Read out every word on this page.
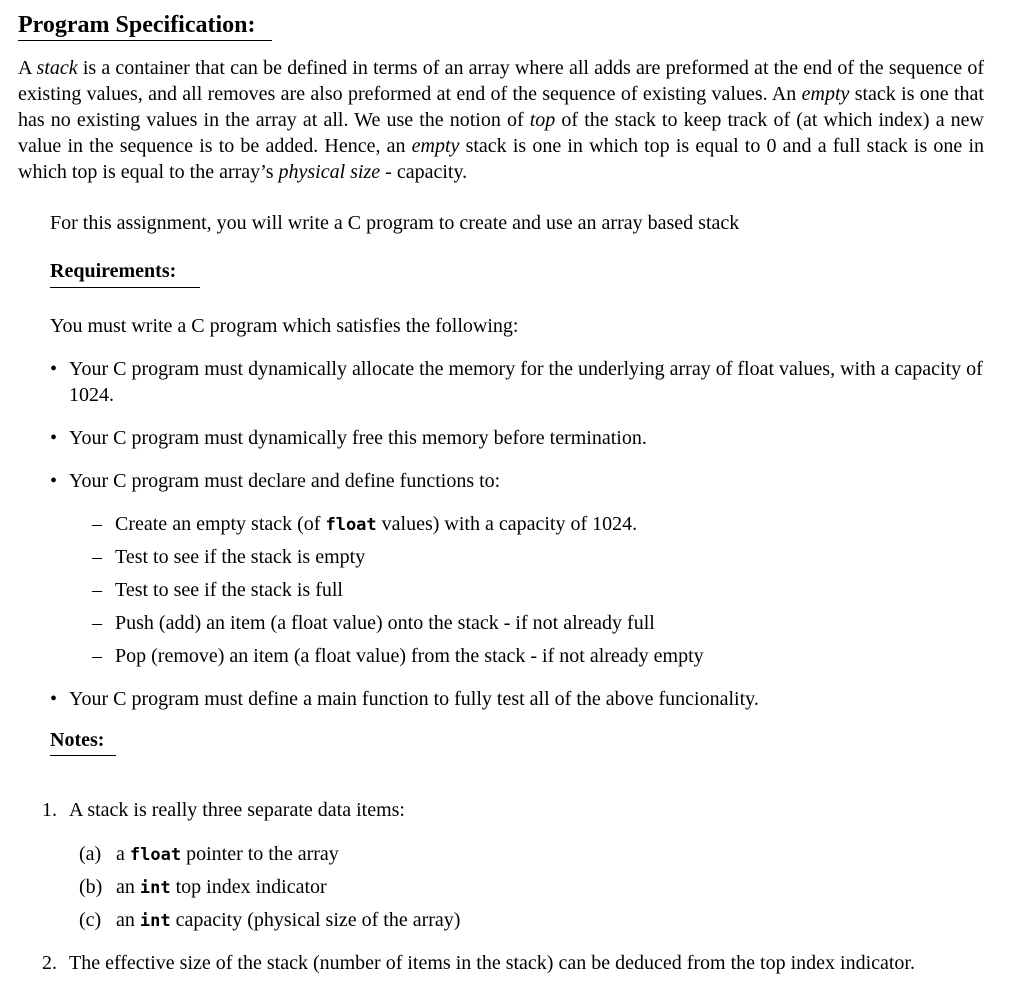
Program Specification:

A stack is a container that can be defined in terms of an array where all adds are preformed at the end of the sequence of existing values, and all removes are also preformed at end of the sequence of existing values. An empty stack is one that has no existing values in the array at all. We use the notion of top of the stack to keep track of (at which index) a new value in the sequence is to be added. Hence, an empty stack is one in which top is equal to 0 and a full stack is one in which top is equal to the array’s physical size - capacity.

For this assignment, you will write a C program to create and use an array based stack

Requirements:

You must write a C program which satisfies the following:

• Your C program must dynamically allocate the memory for the underlying array of float values, with a capacity of 1024.
• Your C program must dynamically free this memory before termination.
• Your C program must declare and define functions to:
– Create an empty stack (of float values) with a capacity of 1024.
– Test to see if the stack is empty
– Test to see if the stack is full
– Push (add) an item (a float value) onto the stack - if not already full
– Pop (remove) an item (a float value) from the stack - if not already empty
• Your C program must define a main function to fully test all of the above funcionality.
Notes:
1. A stack is really three separate data items:
(a) a float pointer to the array
(b) an int top index indicator
(c) an int capacity (physical size of the array)
2. The effective size of the stack (number of items in the stack) can be deduced from the top index indicator.
